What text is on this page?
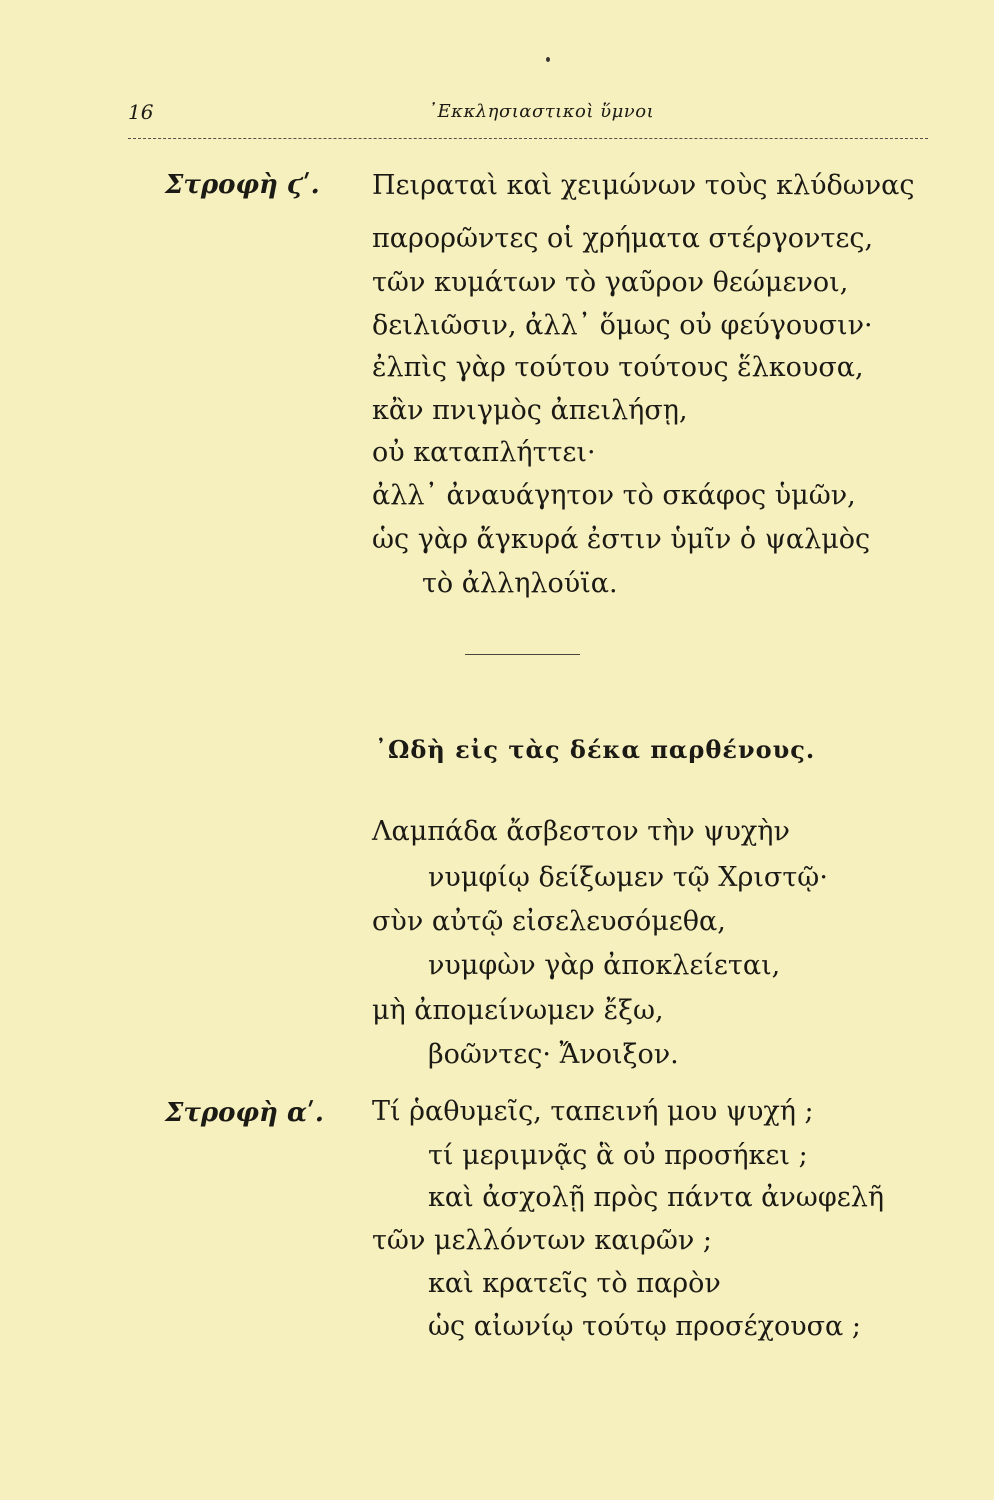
16	᾿Εκκλησιαστικοὶ ὕμνοι
Στροφὴ ϛʹ. Πειραταὶ καὶ χειμώνων τοὺς κλύδωνας
παρορῶντες οἱ χρήματα στέργοντες,
τῶν κυμάτων τὸ γαῦρον θεώμενοι,
δειλιῶσιν, ἀλλ᾿ ὅμως οὐ φεύγουσιν·
ἐλπὶς γὰρ τούτου τούτους ἕλκουσα,
κἂν πνιγμὸς ἀπειλήσῃ,
οὐ καταπλήττει·
ἀλλ᾿ ἀναυάγητον τὸ σκάφος ὑμῶν,
ὡς γὰρ ἄγκυρά ἐστιν ὑμῖν ὁ ψαλμὸς
τὸ ἀλληλούϊα.
᾿Ωδὴ εἰς τὰς δέκα παρθένους.
Λαμπάδα ἄσβεστον τὴν ψυχὴν
νυμφίῳ δείξωμεν τῷ Χριστῷ·
σὺν αὐτῷ εἰσελευσόμεθα,
νυμφὼν γὰρ ἀποκλείεται,
μὴ ἀπομείνωμεν ἔξω,
βοῶντες· Ἄνοιξον.
Στροφὴ αʹ. Τί ῥαθυμεῖς, ταπεινή μου ψυχή ;
τί μεριμνᾷς ἃ οὐ προσήκει ;
καὶ ἀσχολῇ πρὸς πάντα ἀνωφελῆ
τῶν μελλόντων καιρῶν ;
καὶ κρατεῖς τὸ παρὸν
ὡς αἰωνίῳ τούτῳ προσέχουσα ;
